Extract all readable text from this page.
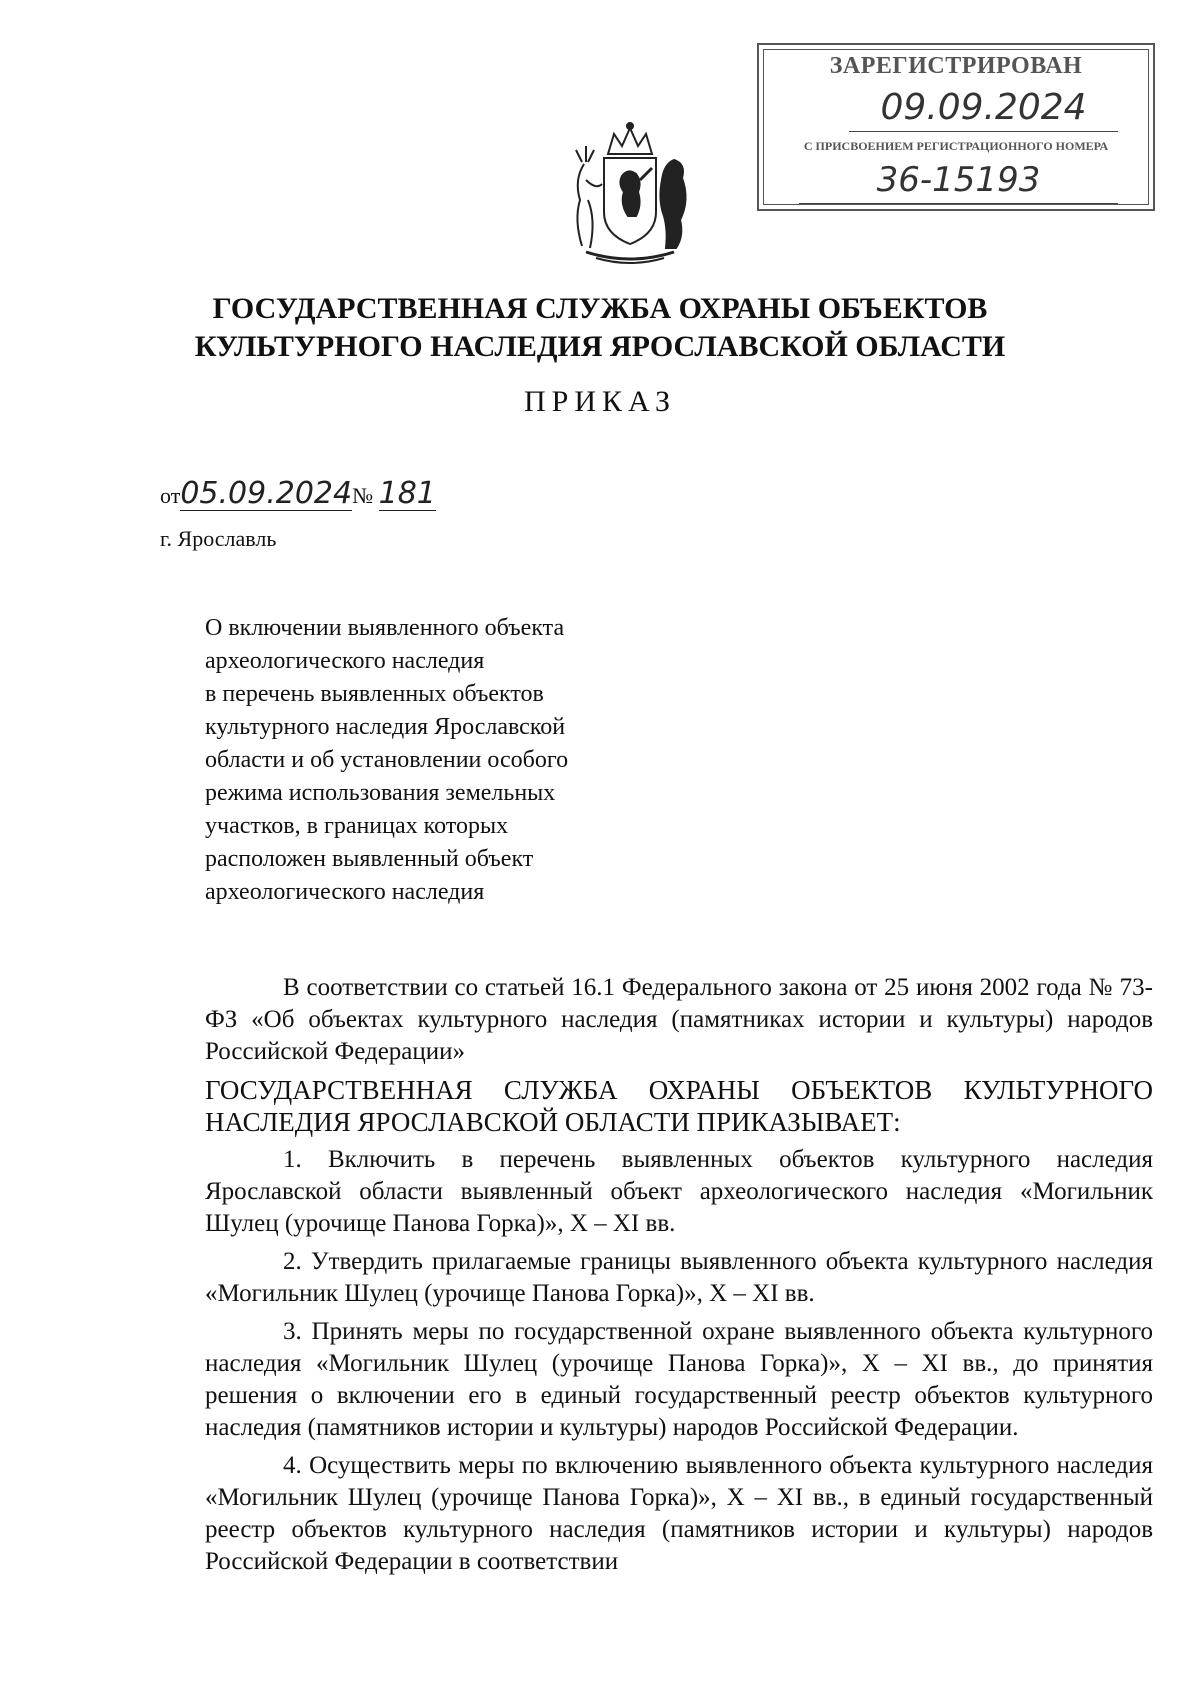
ЗАРЕГИСТРИРОВАН
09.09.2024
С ПРИСВОЕНИЕМ РЕГИСТРАЦИОННОГО НОМЕРА
36-15193
ГОСУДАРСТВЕННАЯ СЛУЖБА ОХРАНЫ ОБЪЕКТОВ
КУЛЬТУРНОГО НАСЛЕДИЯ ЯРОСЛАВСКОЙ ОБЛАСТИ
ПРИКАЗ
от05.09.2024№ 181
г. Ярославль
О включении выявленного объекта
археологического наследия
в перечень выявленных объектов
культурного наследия Ярославской
области и об установлении особого
режима использования земельных
участков, в границах которых
расположен выявленный объект
археологического наследия

В соответствии со статьей 16.1 Федерального закона от 25 июня 2002 года № 73-ФЗ «Об объектах культурного наследия (памятниках истории и культуры) народов Российской Федерации»

ГОСУДАРСТВЕННАЯ СЛУЖБА ОХРАНЫ ОБЪЕКТОВ КУЛЬТУРНОГО НАСЛЕДИЯ ЯРОСЛАВСКОЙ ОБЛАСТИ ПРИКАЗЫВАЕТ:

1. Включить в перечень выявленных объектов культурного наследия Ярославской области выявленный объект археологического наследия «Могильник Шулец (урочище Панова Горка)», X – XI вв.

2. Утвердить прилагаемые границы выявленного объекта культурного наследия «Могильник Шулец (урочище Панова Горка)», X – XI вв.

3. Принять меры по государственной охране выявленного объекта культурного наследия «Могильник Шулец (урочище Панова Горка)», X – XI вв., до принятия решения о включении его в единый государственный реестр объектов культурного наследия (памятников истории и культуры) народов Российской Федерации.

4. Осуществить меры по включению выявленного объекта культурного наследия «Могильник Шулец (урочище Панова Горка)», X – XI вв., в единый государственный реестр объектов культурного наследия (памятников истории и культуры) народов Российской Федерации в соответствии
